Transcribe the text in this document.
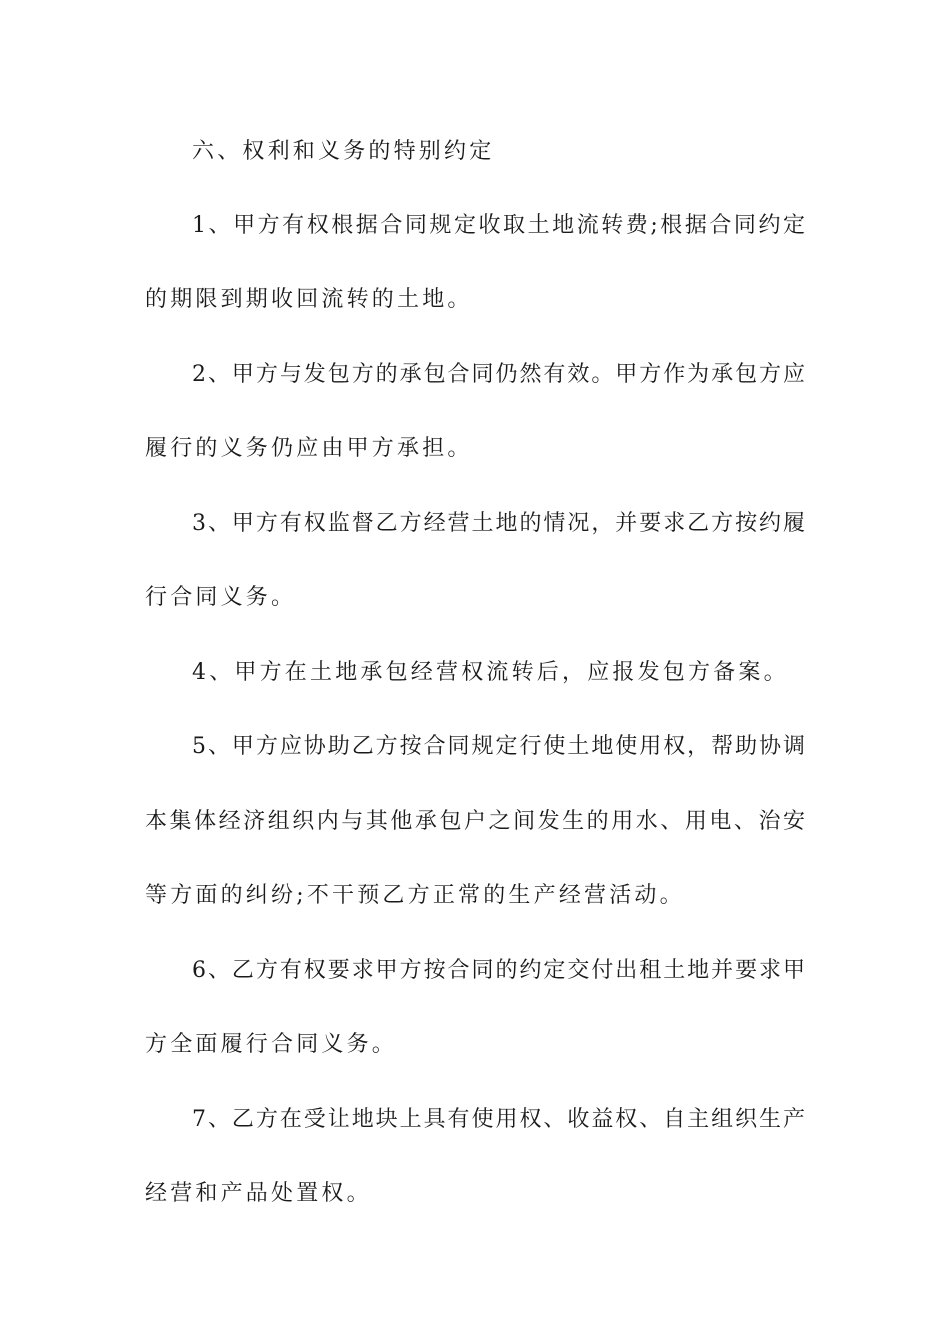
六、权利和义务的特别约定
1、甲方有权根据合同规定收取土地流转费;根据合同约定
的期限到期收回流转的土地。
2、甲方与发包方的承包合同仍然有效。甲方作为承包方应
履行的义务仍应由甲方承担。
3、甲方有权监督乙方经营土地的情况，并要求乙方按约履
行合同义务。
4、甲方在土地承包经营权流转后，应报发包方备案。
5、甲方应协助乙方按合同规定行使土地使用权，帮助协调
本集体经济组织内与其他承包户之间发生的用水、用电、治安
等方面的纠纷;不干预乙方正常的生产经营活动。
6、乙方有权要求甲方按合同的约定交付出租土地并要求甲
方全面履行合同义务。
7、乙方在受让地块上具有使用权、收益权、自主组织生产
经营和产品处置权。
